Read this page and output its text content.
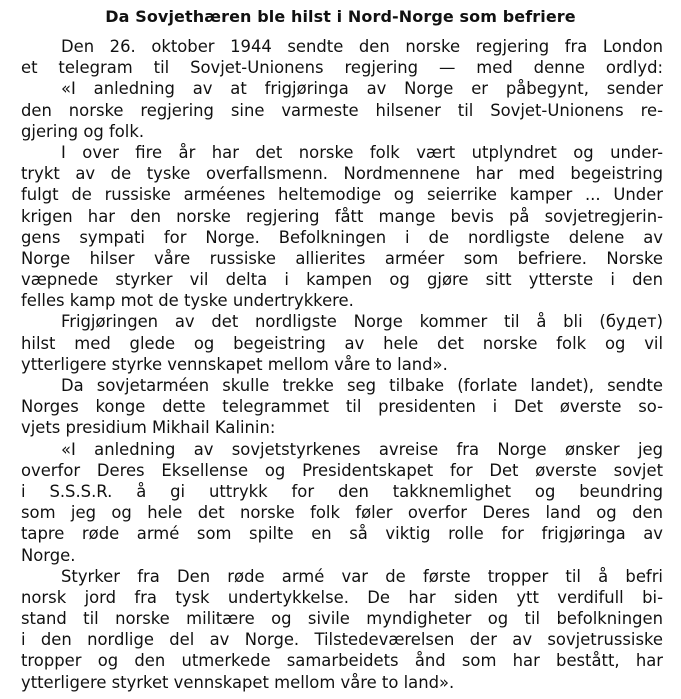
Da Sovjethæren ble hilst i Nord-Norge som befriere
Den 26. oktober 1944 sendte den norske regjering fra London
et telegram til Sovjet-Unionens regjering — med denne ordlyd:
«I anledning av at frigjøringa av Norge er påbegynt, sender
den norske regjering sine varmeste hilsener til Sovjet-Unionens re-
gjering og folk.
I over fire år har det norske folk vært utplyndret og under-
trykt av de tyske overfallsmenn. Nordmennene har med begeistring
fulgt de russiske arméenes heltemodige og seierrike kamper ... Under
krigen har den norske regjering fått mange bevis på sovjetregjerin-
gens sympati for Norge. Befolkningen i de nordligste delene av
Norge hilser våre russiske allierites arméer som befriere. Norske
væpnede styrker vil delta i kampen og gjøre sitt ytterste i den
felles kamp mot de tyske undertrykkere.
Frigjøringen av det nordligste Norge kommer til å bli (будет)
hilst med glede og begeistring av hele det norske folk og vil
ytterligere styrke vennskapet mellom våre to land».
Da sovjetarméen skulle trekke seg tilbake (forlate landet), sendte
Norges konge dette telegrammet til presidenten i Det øverste so-
vjets presidium Mikhail Kalinin:
«I anledning av sovjetstyrkenes avreise fra Norge ønsker jeg
overfor Deres Eksellense og Presidentskapet for Det øverste sovjet
i S.S.S.R. å gi uttrykk for den takknemlighet og beundring
som jeg og hele det norske folk føler overfor Deres land og den
tapre røde armé som spilte en så viktig rolle for frigjøringa av
Norge.
Styrker fra Den røde armé var de første tropper til å befri
norsk jord fra tysk undertykkelse. De har siden ytt verdifull bi-
stand til norske militære og sivile myndigheter og til befolkningen
i den nordlige del av Norge. Tilstedeværelsen der av sovjetrussiske
tropper og den utmerkede samarbeidets ånd som har bestått, har
ytterligere styrket vennskapet mellom våre to land».
